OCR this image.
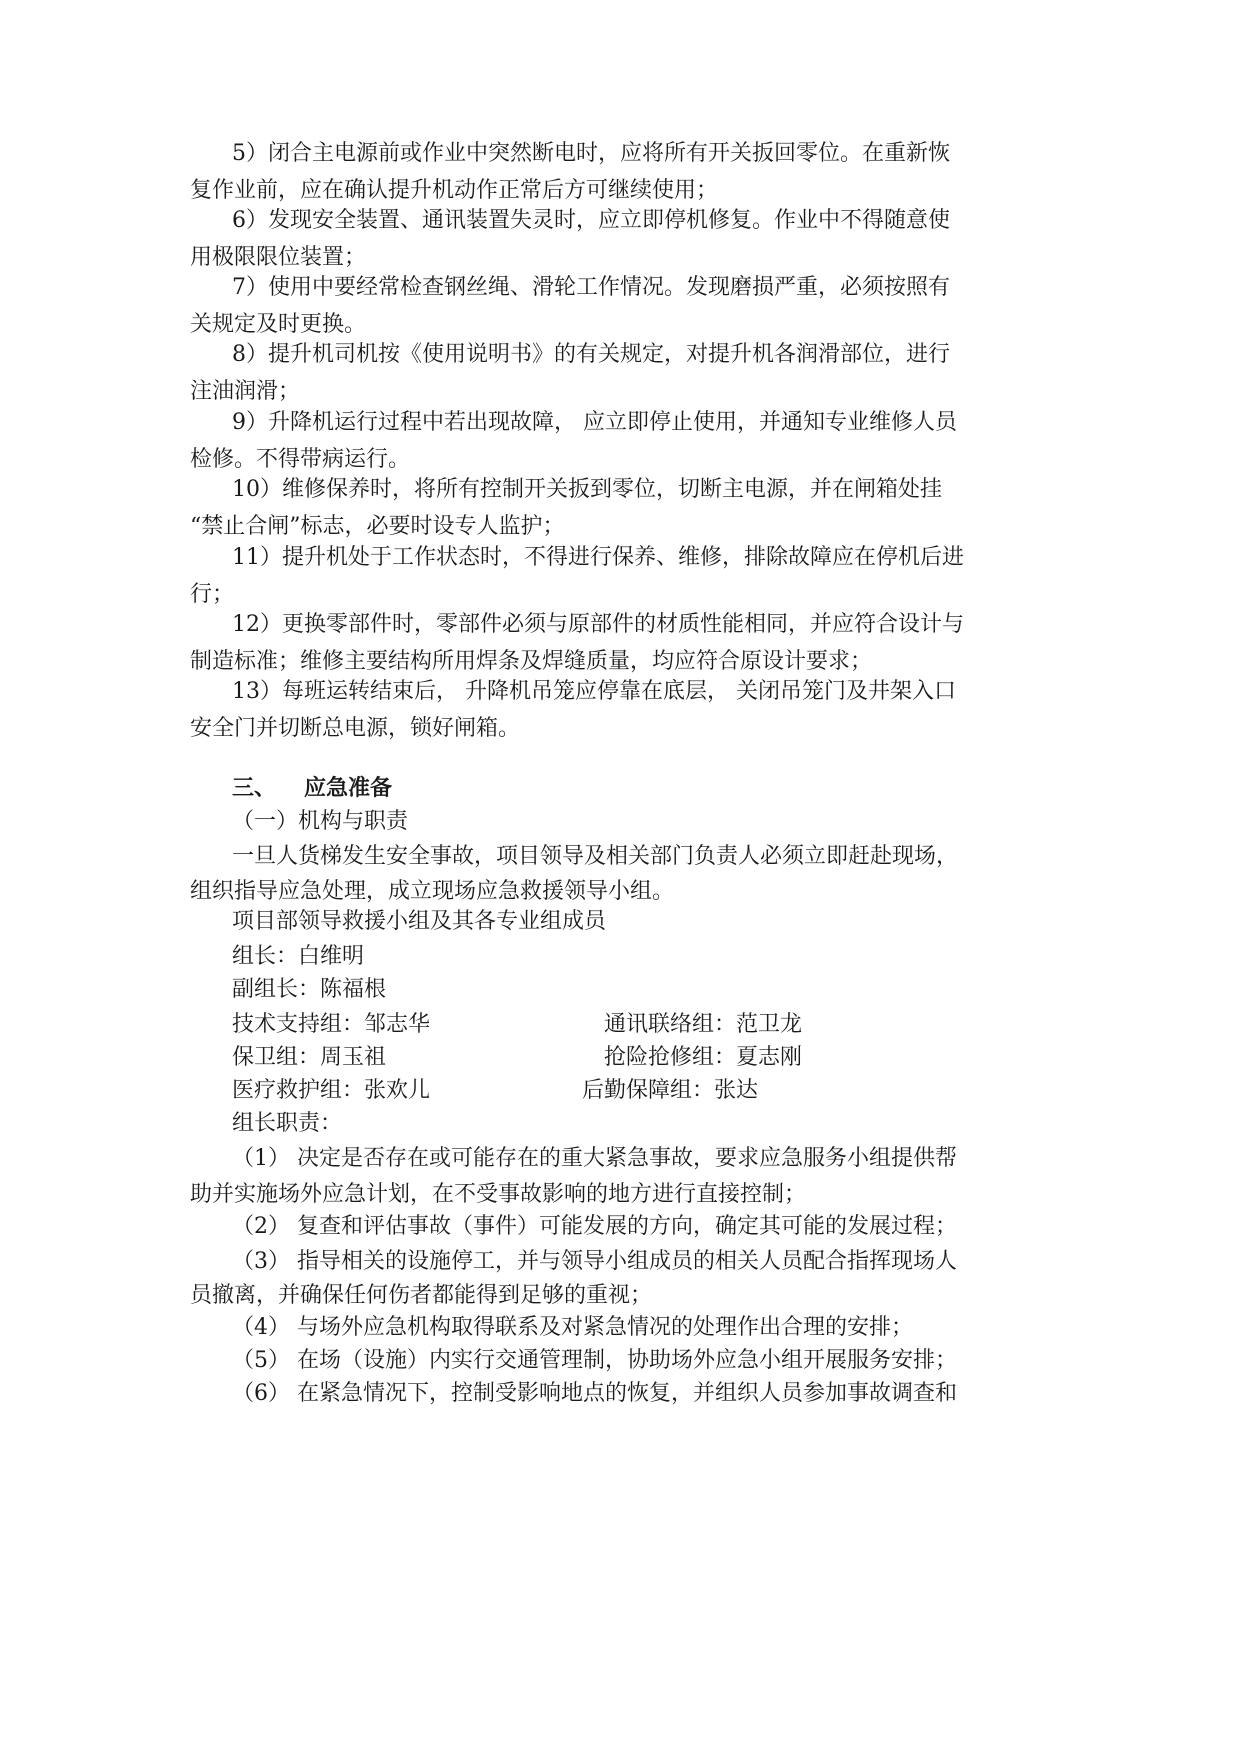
5）闭合主电源前或作业中突然断电时，应将所有开关扳回零位。在重新恢

复作业前，应在确认提升机动作正常后方可继续使用；

6）发现安全装置、通讯装置失灵时，应立即停机修复。作业中不得随意使

用极限限位装置；

7）使用中要经常检查钢丝绳、滑轮工作情况。发现磨损严重，必须按照有

关规定及时更换。

8）提升机司机按《使用说明书》的有关规定，对提升机各润滑部位，进行

注油润滑；

9）升降机运行过程中若出现故障， 应立即停止使用，并通知专业维修人员

检修。不得带病运行。

10）维修保养时，将所有控制开关扳到零位，切断主电源，并在闸箱处挂

“禁止合闸”标志，必要时设专人监护；

11）提升机处于工作状态时，不得进行保养、维修，排除故障应在停机后进

行；

12）更换零部件时，零部件必须与原部件的材质性能相同，并应符合设计与

制造标准；维修主要结构所用焊条及焊缝质量，均应符合原设计要求；

13）每班运转结束后， 升降机吊笼应停靠在底层， 关闭吊笼门及井架入口

安全门并切断总电源，锁好闸箱。

三、 应急准备

（一）机构与职责

一旦人货梯发生安全事故，项目领导及相关部门负责人必须立即赶赴现场，

组织指导应急处理，成立现场应急救援领导小组。

项目部领导救援小组及其各专业组成员

组长：白维明

副组长：陈福根

技术支持组：邹志华	通讯联络组：范卫龙

保卫组：周玉祖	抢险抢修组：夏志刚

医疗救护组：张欢儿	后勤保障组：张达

组长职责：

（1） 决定是否存在或可能存在的重大紧急事故，要求应急服务小组提供帮

助并实施场外应急计划，在不受事故影响的地方进行直接控制；

（2） 复查和评估事故（事件）可能发展的方向，确定其可能的发展过程；

（3） 指导相关的设施停工，并与领导小组成员的相关人员配合指挥现场人

员撤离，并确保任何伤者都能得到足够的重视；

（4） 与场外应急机构取得联系及对紧急情况的处理作出合理的安排；

（5） 在场（设施）内实行交通管理制，协助场外应急小组开展服务安排；

（6） 在紧急情况下，控制受影响地点的恢复，并组织人员参加事故调查和
